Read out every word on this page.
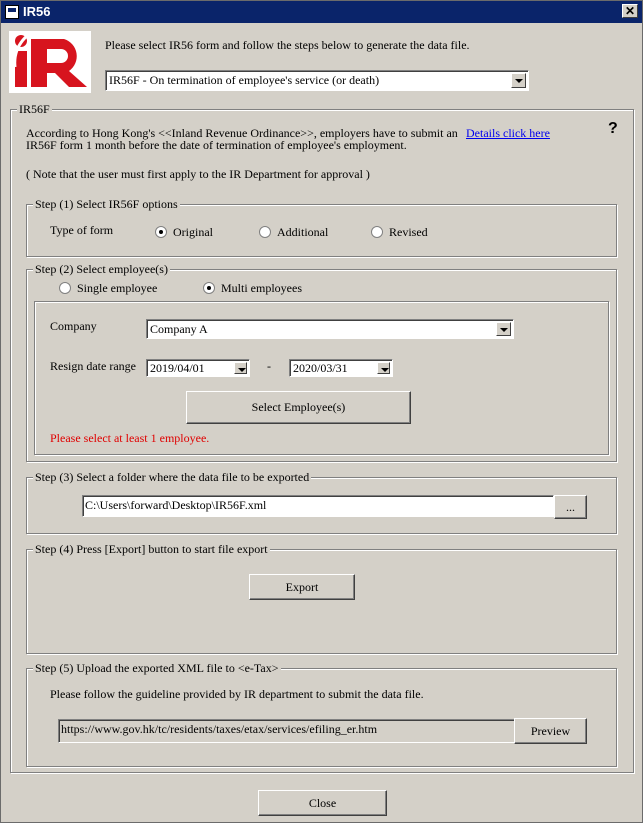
IR56	✕
Please select IR56 form and follow the steps below to generate the data file.
IR56F - On termination of employee's service (or death)
IR56F
According to Hong Kong's <<Inland Revenue Ordinance>>, employers have to submit an
IR56F form 1 month before the date of termination of employee's employment.
Details click here	?
( Note that the user must first apply to the IR Department for approval )
Step (1) Select IR56F options
Type of form	Original	Additional	Revised
Step (2) Select employee(s)
Single employee	Multi employees
Company	Company A
Resign date range 2019/04/01	- 2020/03/31
Select Employee(s)
Please select at least 1 employee.
Step (3) Select a folder where the data file to be exported
C:\Users\forward\Desktop\IR56F.xml	...
Step (4) Press [Export] button to start file export
Export
Step (5) Upload the exported XML file to <e-Tax>
Please follow the guideline provided by IR department to submit the data file.
https://www.gov.hk/tc/residents/taxes/etax/services/efiling_er.htm	Preview
Close
